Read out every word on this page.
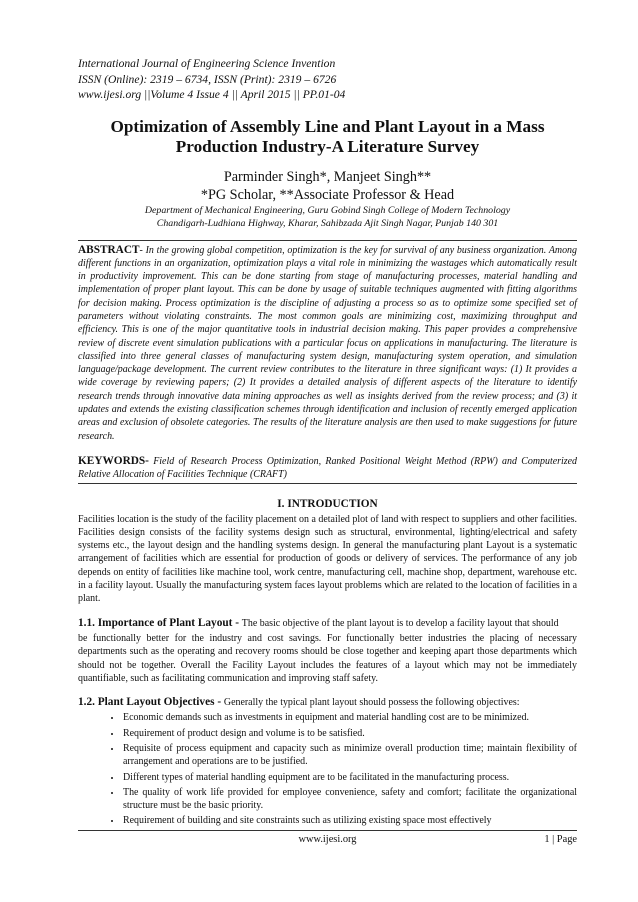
International Journal of Engineering Science Invention
ISSN (Online): 2319 – 6734, ISSN (Print): 2319 – 6726
www.ijesi.org ||Volume 4 Issue 4 || April 2015 || PP.01-04
Optimization of Assembly Line and Plant Layout in a Mass
Production Industry-A Literature Survey
Parminder Singh*, Manjeet Singh**
*PG Scholar, **Associate Professor & Head
Department of Mechanical Engineering, Guru Gobind Singh College of Modern Technology
Chandigarh-Ludhiana Highway, Kharar, Sahibzada Ajit Singh Nagar, Punjab 140 301
ABSTRACT- In the growing global competition, optimization is the key for survival of any business organization. Among different functions in an organization, optimization plays a vital role in minimizing the wastages which automatically result in productivity improvement. This can be done starting from stage of manufacturing processes, material handling and implementation of proper plant layout. This can be done by usage of suitable techniques augmented with fitting algorithms for decision making. Process optimization is the discipline of adjusting a process so as to optimize some specified set of parameters without violating constraints. The most common goals are minimizing cost, maximizing throughput and efficiency. This is one of the major quantitative tools in industrial decision making. This paper provides a comprehensive review of discrete event simulation publications with a particular focus on applications in manufacturing. The literature is classified into three general classes of manufacturing system design, manufacturing system operation, and simulation language/package development. The current review contributes to the literature in three significant ways: (1) It provides a wide coverage by reviewing papers; (2) It provides a detailed analysis of different aspects of the literature to identify research trends through innovative data mining approaches as well as insights derived from the review process; and (3) it updates and extends the existing classification schemes through identification and inclusion of recently emerged application areas and exclusion of obsolete categories. The results of the literature analysis are then used to make suggestions for future research.
KEYWORDS- Field of Research Process Optimization, Ranked Positional Weight Method (RPW) and Computerized Relative Allocation of Facilities Technique (CRAFT)
I. INTRODUCTION
Facilities location is the study of the facility placement on a detailed plot of land with respect to suppliers and other facilities. Facilities design consists of the facility systems design such as structural, environmental, lighting/electrical and safety systems etc., the layout design and the handling systems design. In general the manufacturing plant Layout is a systematic arrangement of facilities which are essential for production of goods or delivery of services. The performance of any job depends on entity of facilities like machine tool, work centre, manufacturing cell, machine shop, department, warehouse etc. in a facility layout. Usually the manufacturing system faces layout problems which are related to the location of facilities in a plant.
1.1. Importance of Plant Layout - The basic objective of the plant layout is to develop a facility layout that should
be functionally better for the industry and cost savings. For functionally better industries the placing of necessary departments such as the operating and recovery rooms should be close together and keeping apart those departments which should not be together. Overall the Facility Layout includes the features of a layout which may not be immediately quantifiable, such as facilitating communication and improving staff safety.
1.2. Plant Layout Objectives - Generally the typical plant layout should possess the following objectives:
• Economic demands such as investments in equipment and material handling cost are to be minimized.
• Requirement of product design and volume is to be satisfied.
• Requisite of process equipment and capacity such as minimize overall production time; maintain flexibility of arrangement and operations are to be justified.
• Different types of material handling equipment are to be facilitated in the manufacturing process.
• The quality of work life provided for employee convenience, safety and comfort; facilitate the organizational structure must be the basic priority.
• Requirement of building and site constraints such as utilizing existing space most effectively
www.ijesi.org	1 | Page
